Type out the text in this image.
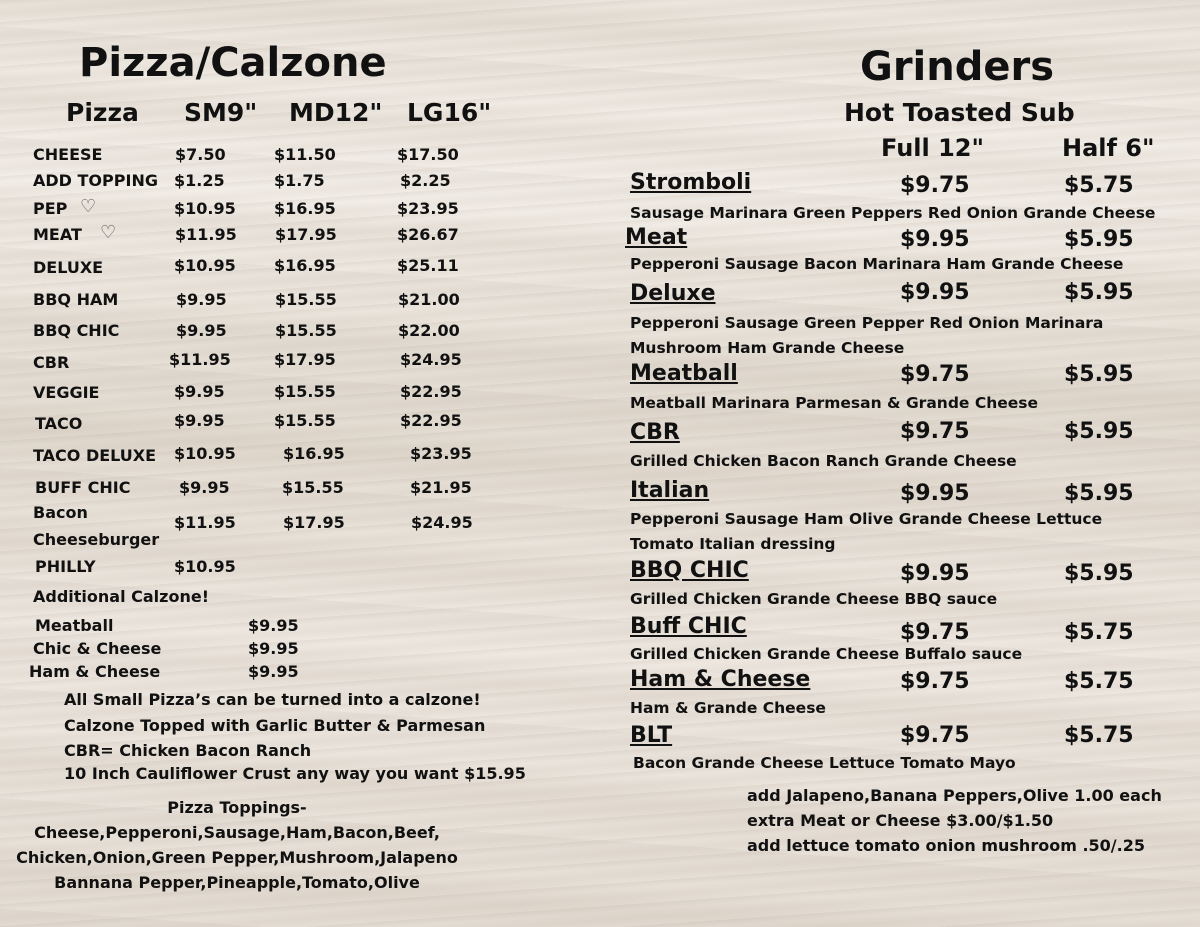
Pizza/Calzone
Pizza SM9" MD12" LG16"
CHEESE	$7.50	$11.50	$17.50
ADD TOPPING $1.25	$1.75	$2.25
PEP ♡	$10.95 $16.95	$23.95
MEAT ♡	$11.95 $17.95	$26.67
DELUXE	$10.95 $16.95	$25.11
BBQ HAM	$9.95	$15.55	$21.00
BBQ CHIC	$9.95	$15.55	$22.00
CBR	$11.95	$17.95	$24.95
VEGGIE	$9.95	$15.55	$22.95
TACO	$9.95	$15.55	$22.95
TACO DELUXE $10.95	$16.95	$23.95
BUFF CHIC	$9.95	$15.55	$21.95
Bacon
Cheeseburger
$11.95	$17.95	$24.95
PHILLY	$10.95
Additional Calzone!
Meatball	$9.95
Chic & Cheese	$9.95
Ham & Cheese	$9.95
All Small Pizza’s can be turned into a calzone!
Calzone Topped with Garlic Butter & Parmesan
CBR= Chicken Bacon Ranch
10 Inch Cauliflower Crust any way you want $15.95
Pizza Toppings-
Cheese,Pepperoni,Sausage,Ham,Bacon,Beef,
Chicken,Onion,Green Pepper,Mushroom,Jalapeno
Bannana Pepper,Pineapple,Tomato,Olive
Grinders
Hot Toasted Sub
Full 12"	Half 6"
Stromboli	$9.75	$5.75
Sausage Marinara Green Peppers Red Onion Grande Cheese
Meat	$9.95	$5.95
Pepperoni Sausage Bacon Marinara Ham Grande Cheese
Deluxe	$9.95	$5.95
Pepperoni Sausage Green Pepper Red Onion Marinara
Mushroom Ham Grande Cheese
Meatball	$9.75	$5.95
Meatball Marinara Parmesan & Grande Cheese
CBR	$9.75	$5.95
Grilled Chicken Bacon Ranch Grande Cheese
Italian	$9.95	$5.95
Pepperoni Sausage Ham Olive Grande Cheese Lettuce
Tomato Italian dressing
BBQ CHIC	$9.95	$5.95
Grilled Chicken Grande Cheese BBQ sauce
Buff CHIC	$9.75	$5.75
Grilled Chicken Grande Cheese Buffalo sauce
Ham & Cheese	$9.75	$5.75
Ham & Grande Cheese
BLT	$9.75	$5.75
Bacon Grande Cheese Lettuce Tomato Mayo
add Jalapeno,Banana Peppers,Olive 1.00 each
extra Meat or Cheese $3.00/$1.50
add lettuce tomato onion mushroom .50/.25
